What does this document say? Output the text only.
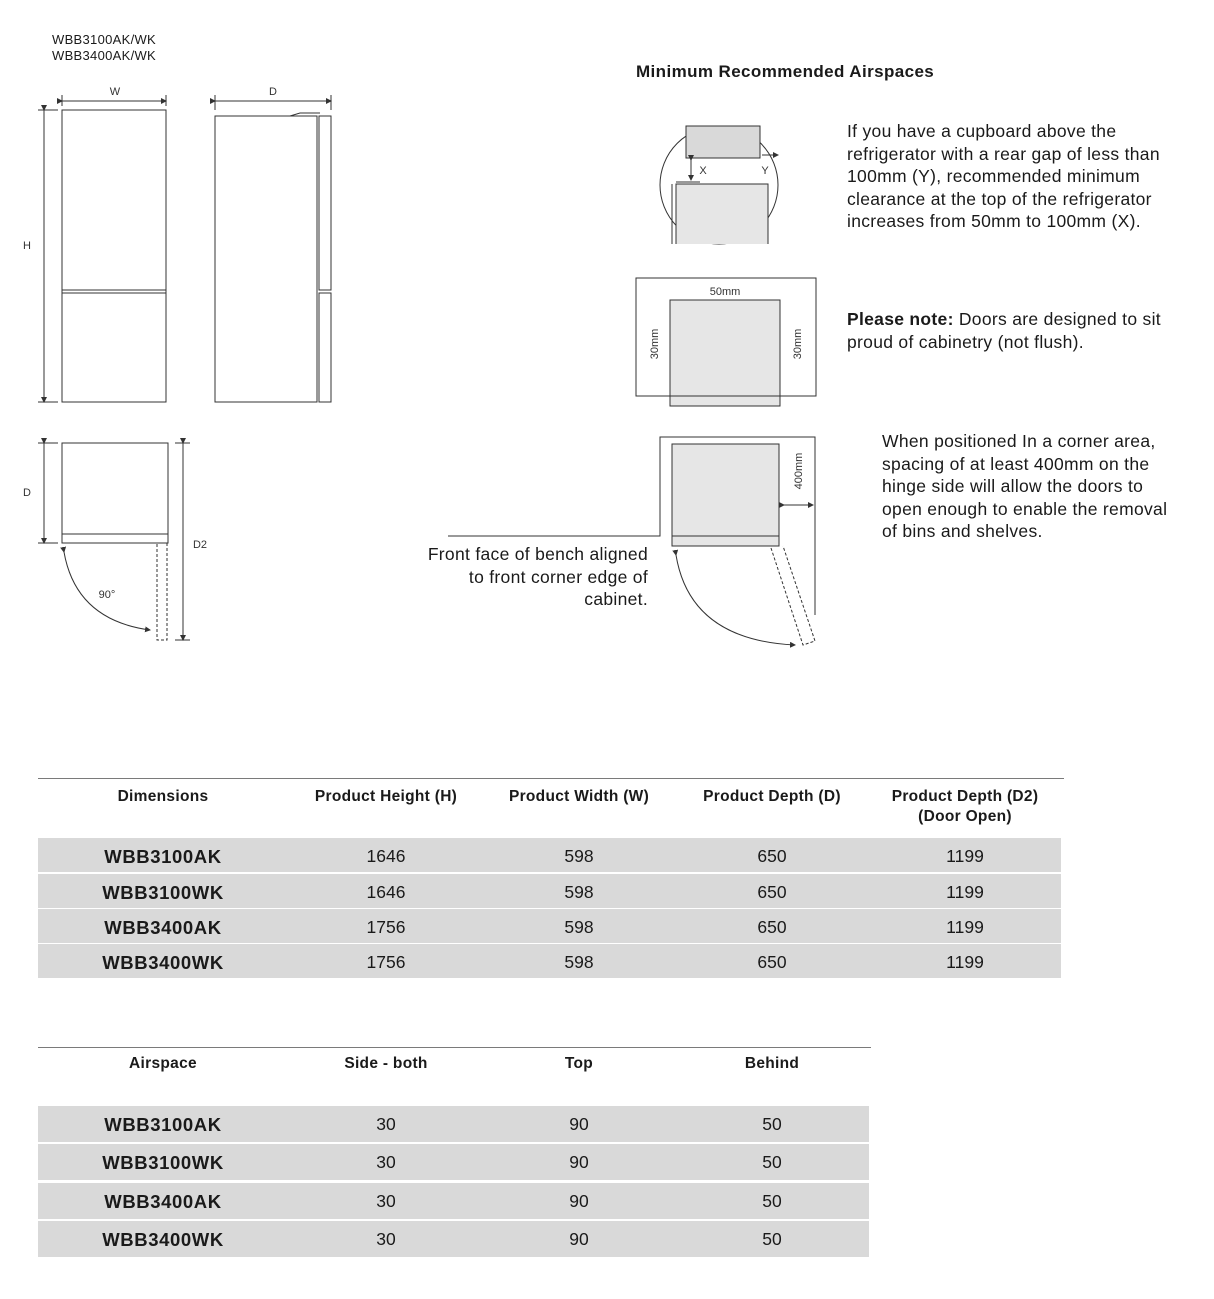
WBB3100AK/WK
WBB3400AK/WK
W	D
H
D
D2
90°
X	Y
50mm
30mm	30mm
400mm
Minimum Recommended Airspaces
If you have a cupboard above the refrigerator with a rear gap of less than 100mm (Y), recommended minimum clearance at the top of the refrigerator increases from 50mm to 100mm (X).
Please note: Doors are designed to sit proud of cabinetry (not flush).
When positioned In a corner area, spacing of at least 400mm on the hinge side will allow the doors to open enough to enable the removal of bins and shelves.
Front face of bench aligned to front corner edge of cabinet.
Dimensions	Product Height (H)	Product Width (W)	Product Depth (D)	Product Depth (D2) (Door Open)
WBB3100AK	1646	598	650	1199
WBB3100WK	1646	598	650	1199
WBB3400AK	1756	598	650	1199
WBB3400WK	1756	598	650	1199
Airspace	Side - both	Top	Behind
WBB3100AK	30	90	50
WBB3100WK	30	90	50
WBB3400AK	30	90	50
WBB3400WK	30	90	50
